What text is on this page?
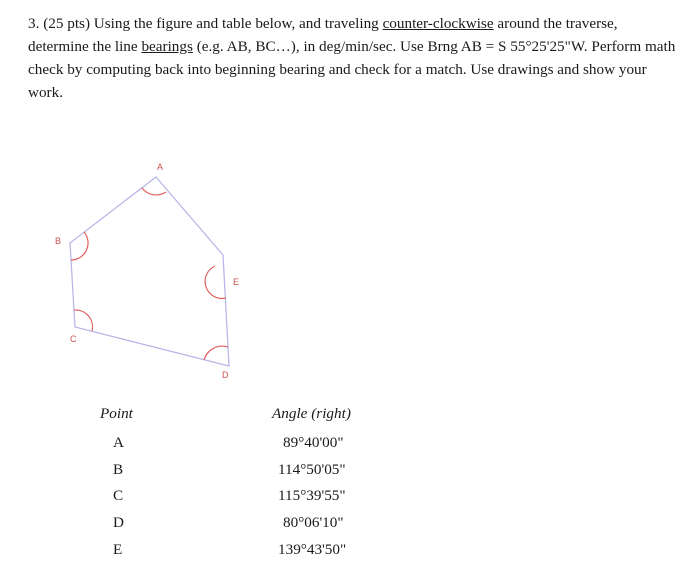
3. (25 pts) Using the figure and table below, and traveling counter-clockwise around the traverse, determine the line bearings (e.g. AB, BC…), in deg/min/sec. Use Brng AB = S 55°25'25"W. Perform math check by computing back into beginning bearing and check for a match. Use drawings and show your work.
A
B
C
D
E
Point
A
B
C
D
E
Angle (right)
89°40'00"
114°50'05"
115°39'55"
80°06'10"
139°43'50"
